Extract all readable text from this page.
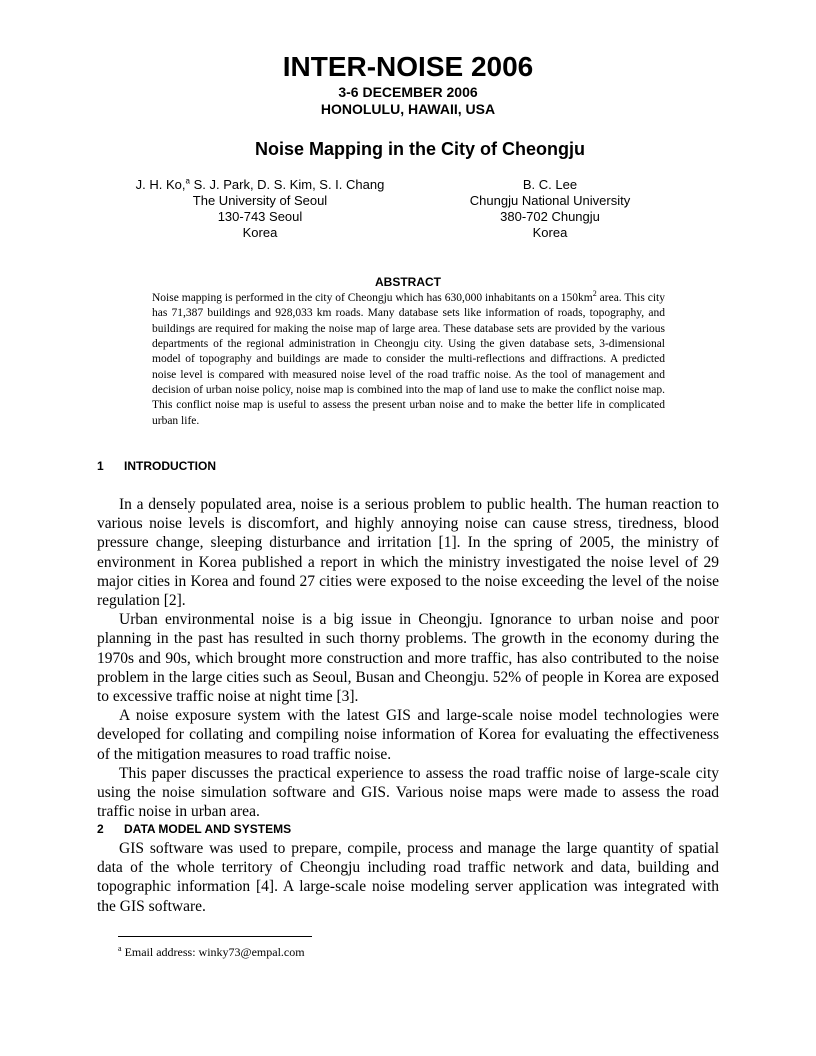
INTER-NOISE 2006
3-6 DECEMBER 2006
HONOLULU, HAWAII, USA
Noise Mapping in the City of Cheongju
J. H. Ko,$^a$ S. J. Park, D. S. Kim, S. I. Chang
The University of Seoul
130-743 Seoul
Korea
B. C. Lee
Chungju National University
380-702 Chungju
Korea
ABSTRACT
Noise mapping is performed in the city of Cheongju which has 630,000 inhabitants on a $150km^2$ area. This city has 71,387 buildings and 928,033 km roads. Many database sets like information of roads, topography, and buildings are required for making the noise map of large area. These database sets are provided by the various departments of the regional administration in Cheongju city. Using the given database sets, 3-dimensional model of topography and buildings are made to consider the multi-reflections and diffractions. A predicted noise level is compared with measured noise level of the road traffic noise. As the tool of management and decision of urban noise policy, noise map is combined into the map of land use to make the conflict noise map. This conflict noise map is useful to assess the present urban noise and to make the better life in complicated urban life.
1 INTRODUCTION

In a densely populated area, noise is a serious problem to public health. The human reaction to various noise levels is discomfort, and highly annoying noise can cause stress, tiredness, blood pressure change, sleeping disturbance and irritation [1]. In the spring of 2005, the ministry of environment in Korea published a report in which the ministry investigated the noise level of 29 major cities in Korea and found 27 cities were exposed to the noise exceeding the level of the noise regulation [2].

Urban environmental noise is a big issue in Cheongju. Ignorance to urban noise and poor planning in the past has resulted in such thorny problems. The growth in the economy during the 1970s and 90s, which brought more construction and more traffic, has also contributed to the noise problem in the large cities such as Seoul, Busan and Cheongju. 52% of people in Korea are exposed to excessive traffic noise at night time [3].

A noise exposure system with the latest GIS and large-scale noise model technologies were developed for collating and compiling noise information of Korea for evaluating the effectiveness of the mitigation measures to road traffic noise.

This paper discusses the practical experience to assess the road traffic noise of large-scale city using the noise simulation software and GIS. Various noise maps were made to assess the road traffic noise in urban area.

2 DATA MODEL AND SYSTEMS

GIS software was used to prepare, compile, process and manage the large quantity of spatial data of the whole territory of Cheongju including road traffic network and data, building and topographic information [4]. A large-scale noise modeling server application was integrated with the GIS software.

$^a$ Email address: winky73@empal.com
